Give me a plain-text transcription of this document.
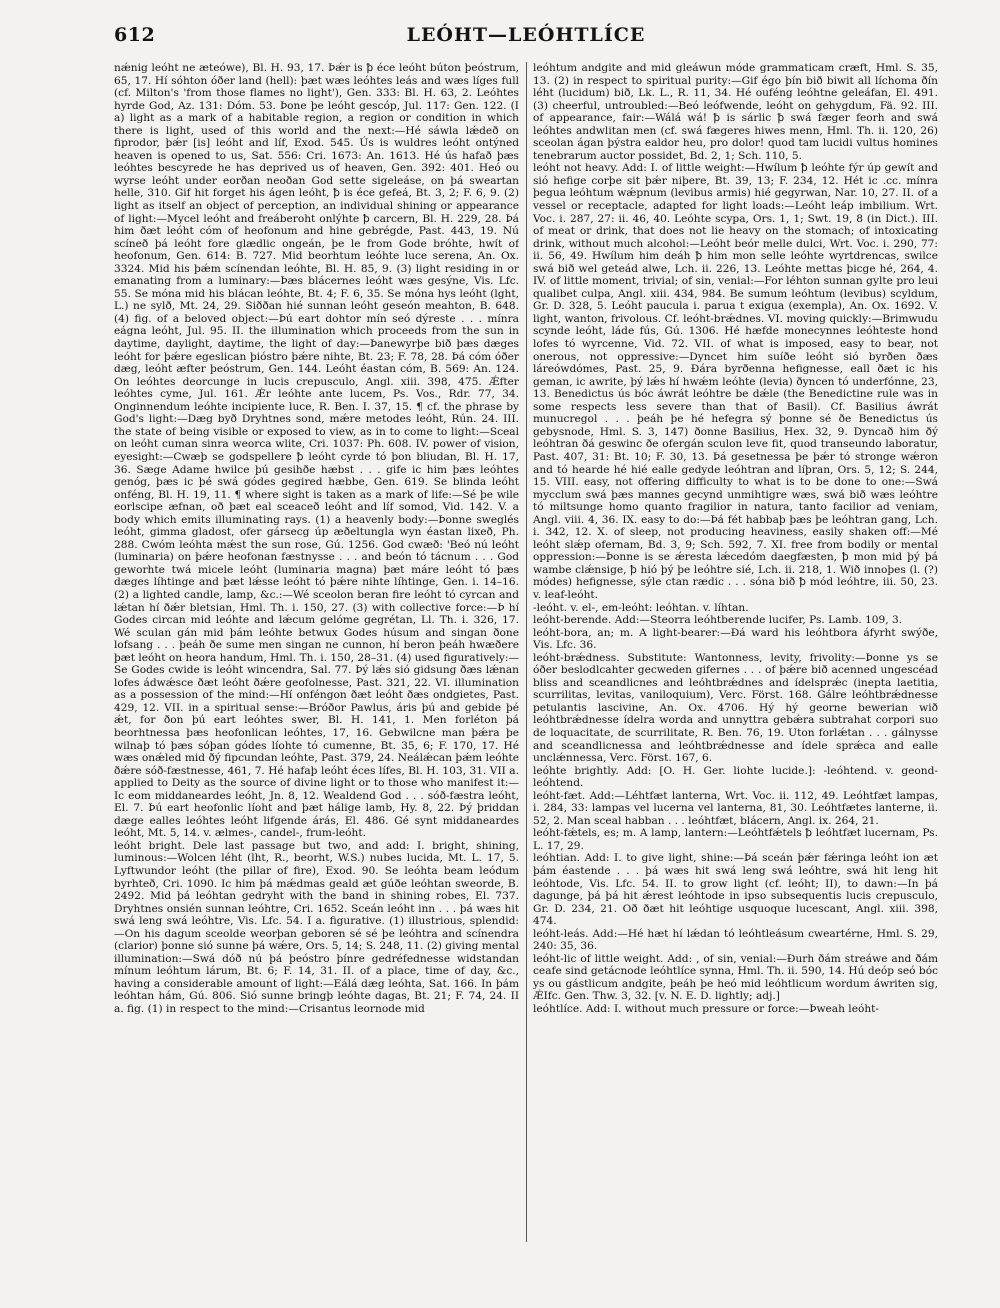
612	LEÓHT—LEÓHTLÍCE

nǽnig leóht ne æteówe), Bl. H. 93, 17. Þǽr is ꝥ éce leóht búton þeóstrum, 65, 17. Hí sóhton óðer land (hell): þæt wæs leóhtes leás and wæs líges full (cf. Milton's 'from those flames no light'), Gen. 333: Bl. H. 63, 2. Leóhtes hyrde God, Az. 131: Dóm. 53. Þone þe leóht gescóp, Jul. 117: Gen. 122. (I a) light as a mark of a habitable region, a region or condition in which there is light, used of this world and the next:—Hé sáwla lǽdeð on fiprodor, þǽr [is] leóht and líf, Exod. 545. Ús is wuldres leóht ontýned heaven is opened to us, Sat. 556: Cri. 1673: An. 1613. Hé ús hafað þæs leóhtes bescyrede he has deprived us of heaven, Gen. 392: 401. Heó ou wyrse leóht under eorðan neoðan God sette sigeleáse, on þá sweartan helle, 310. Gif hit forget his ágen leóht, ꝥ is éce gefeá, Bt. 3, 2; F. 6, 9. (2) light as itself an object of perception, an individual shining or appearance of light:—Mycel leóht and freáberoht onlýhte ꝥ carcern, Bl. H. 229, 28. Þá him ðæt leóht cóm of heofonum and hine gebrégde, Past. 443, 19. Nú scíneð þá leóht fore glædlic ongeán, þe le from Gode bróhte, hwít of heofonum, Gen. 614: B. 727. Mid beorhtum leóhte luce serena, An. Ox. 3324. Mid his þǽm scínendan leóhte, Bl. H. 85, 9. (3) light residing in or emanating from a luminary:—Þæs blácernes leóht wæs gesýne, Vis. Lfc. 55. Se móna mid his blácan leóhte, Bt. 4; F. 6, 35. Se móna hys leóht (lght, L.) ne sylð, Mt. 24, 29. Siððan hié sunnan leóht geseón meahton, B. 648. (4) fig. of a beloved object:—Þú eart dohtor mín seó dýreste . . . mínra eágna leóht, Jul. 95. II. the illumination which proceeds from the sun in daytime, daylight, daytime, the light of day:—Þanewyrþe bið þæs dæges leóht for þǽre egeslican þióstro þǽre nihte, Bt. 23; F. 78, 28. Þá cóm óðer dæg, leóht æfter þeóstrum, Gen. 144. Leóht éastan cóm, B. 569: An. 124. On leóhtes deorcunge in lucis crepusculo, Angl. xiii. 398, 475. Ǽfter leóhtes cyme, Jul. 161. Ǽr leóhte ante lucem, Ps. Vos., Rdr. 77, 34. Onginnendum leóhte incipiente luce, R. Ben. I. 37, 15. ¶ cf. the phrase by God's light:—Dæg byð Dryhtnes sond, mǽre metodes leóht, Rún. 24. III. the state of being visible or exposed to view, as in to come to light:—Sceal on leóht cuman sinra weorca wlite, Cri. 1037: Ph. 608. IV. power of vision, eyesight:—Cwæþ se godspellere ꝥ leóht cyrde tó þon bliudan, Bl. H. 17, 36. Sæge Adame hwilce þú gesihðe hæbst . . . gife ic him þæs leóhtes genóg, þæs ic þé swá gódes gegired hæbbe, Gen. 619. Se blinda leóht onféng, Bl. H. 19, 11. ¶ where sight is taken as a mark of life:—Sé þe wile eorlscipe æfnan, oð þæt eal sceaceð leóht and líf somod, Vid. 142. V. a body which emits illuminating rays. (1) a heavenly body:—Þonne sweglés leóht, gimma gladost, ofer gársecg úp æðeltungla wyn éastan lixeð, Ph. 288. Cwóm leóhta mǽst the sun rose, Gú. 1256. God cwæð: 'Beó nú leóht (luminaria) on þǽre heofonan fæstnysse . . . and beón tó tácnum . . . God geworhte twá micele leóht (luminaria magna) þæt máre leóht tó þæs dæges líhtinge and þæt lǽsse leóht tó þǽre nihte líhtinge, Gen. i. 14–16. (2) a lighted candle, lamp, &c.:—Wé sceolon beran fire leóht tó cyrcan and lǽtan hí ðǽr bletsian, Hml. Th. i. 150, 27. (3) with collective force:—Þ hí Godes circan mid leóhte and lǽcum gelóme gegrétan, Ll. Th. i. 326, 17. Wé sculan gán mid þám leóhte betwux Godes húsum and singan ðone lofsang . . . þeáh ðe sume men singan ne cunnon, hí beron þeáh hwæðere þæt leóht on heora handum, Hml. Th. i. 150, 28–31. (4) used figuratively:—Se Godes cwide is leóht wincendra, Sal. 77. Þý lǽs sió gidsung ðæs lǽnan lofes ádwǽsce ðæt leóht ðǽre geofolnesse, Past. 321, 22. VI. illumination as a possession of the mind:—Hí onféngon ðæt leóht ðæs ondgietes, Past. 429, 12. VII. in a spiritual sense:—Bróðor Pawlus, áris þú and gebide þé ǽt, for ðon þú eart leóhtes swer, Bl. H. 141, 1. Men forléton þá beorhtnessa þæs heofonlican leóhtes, 17, 16. Gebwilcne man þǽra þe wilnaþ tó þæs sóþan gódes líohte tó cumenne, Bt. 35, 6; F. 170, 17. Hé wæs onǽled mid ðý fipcundan leóhte, Past. 379, 24. Neálǽcan þǽm leóhte ðǽre sóð-fæstnesse, 461, 7. Hé hafaþ leóht éces lífes, Bl. H. 103, 31. VII a. applied to Deity as the source of divine light or to those who manifest it:—Ic eom middaneardes leóht, Jn. 8, 12. Wealdend God . . . sóð-fæstra leóht, El. 7. Þú eart heofonlic líoht and þæt hálige lamb, Hy. 8, 22. Þý þriddan dæge ealles leóhtes leóht lifgende árás, El. 486. Gé synt middaneardes leóht, Mt. 5, 14. v. ælmes-, candel-, frum-leóht.

leóht bright. Dele last passage but two, and add: I. bright, shining, luminous:—Wolcen léht (lht, R., beorht, W.S.) nubes lucida, Mt. L. 17, 5. Lyftwundor leóht (the pillar of fire), Exod. 90. Se leóhta beam leódum byrhteð, Cri. 1090. Ic him þá mǽdmas geald æt gúðe leóhtan sweorde, B. 2492. Mid þá leóhtan gedryht with the band in shining robes, El. 737. Dryhtnes onsién sunnan leóhtre, Cri. 1652. Sceán leóht inn . . . þá wæs hit swá leng swá leóhtre, Vis. Lfc. 54. I a. figurative. (1) illustrious, splendid:—On his dagum sceolde weorþan geboren sé sé þe leóhtra and scínendra (clarior) þonne sió sunne þá wǽre, Ors. 5, 14; S. 248, 11. (2) giving mental illumination:—Swá dóð nú þá þeóstro þínre gedréfednesse widstandan mínum leóhtum lárum, Bt. 6; F. 14, 31. II. of a place, time of day, &c., having a considerable amount of light:—Eálá dæg leóhta, Sat. 166. In þám leóhtan hám, Gú. 806. Sió sunne bringþ leóhte dagas, Bt. 21; F. 74, 24. II a. fig. (1) in respect to the mind:—Crisantus leornode mid

leóhtum andgite and mid gleáwun móde grammaticam cræft, Hml. S. 35, 13. (2) in respect to spiritual purity:—Gif égo þín bið biwit all líchoma ðín léht (lucidum) bið, Lk. L., R. 11, 34. Hé ouféng leóhtne geleáfan, El. 491. (3) cheerful, untroubled:—Beó leófwende, leóht on gehygdum, Fä. 92. III. of appearance, fair:—Wálá wá! ꝥ is sárlic ꝥ swá fæger feorh and swá leóhtes andwlitan men (cf. swá fægeres hiwes menn, Hml. Th. ii. 120, 26) sceolan ágan þýstra ealdor heu, pro dolor! quod tam lucidi vultus homines tenebrarum auctor possidet, Bd. 2, 1; Sch. 110, 5.

leóht not heavy. Add: I. of little weight:—Hwílum ꝥ leóhte fýr úp gewít and sió hefige corþe sit þǽr niþere, Bt. 39, 13; F. 234, 12. Hét ic .cc. mínra þegua leóhtum wǽpnum (levibus armis) hié gegyrwan, Nar. 10, 27. II. of a vessel or receptacle, adapted for light loads:—Leóht leáp imbilium. Wrt. Voc. i. 287, 27: ii. 46, 40. Leóhte scypa, Ors. 1, 1; Swt. 19, 8 (in Dict.). III. of meat or drink, that does not lie heavy on the stomach; of intoxicating drink, without much alcohol:—Leóht beór melle dulci, Wrt. Voc. i. 290, 77: ii. 56, 49. Hwílum him deáh ꝥ him mon selle leóhte wyrtdrencas, swilce swá bið wel geteád alwe, Lch. ii. 226, 13. Leóhte mettas þicge hé, 264, 4. IV. of little moment, trivial; of sin, venial:—For léhton sunnan gylte pro leui qualibet culpa, Angl. xiii. 434, 984. Be sumum leóhtum (levibus) scyldum, Gr. D. 328, 5. Leóht paucula i. parua t exigua (exempla), An. Ox. 1692. V. light, wanton, frivolous. Cf. leóht-brǽdnes. VI. moving quickly:—Brimwudu scynde leóht, láde fús, Gú. 1306. Hé hæfde monecynnes leóhteste hond lofes tó wyrcenne, Vid. 72. VII. of what is imposed, easy to bear, not onerous, not oppressive:—Dyncet him suíðe leóht sió byrðen ðæs láreówdómes, Past. 25, 9. Ðára byrðenna hefignesse, eall ðæt ic his geman, ic awrite, þý lǽs hí hwǽm leóhte (levia) ðyncen tó underfónne, 23, 13. Benedictus ús bóc áwrát leóhtre be dǽle (the Benedictine rule was in some respects less severe than that of Basil). Cf. Basilius áwrát munucregol . . . þeáh þe hé hefegra sý þonne sé ðe Benedictus ús gebysnode, Hml. S. 3, 147) ðonne Basilius, Hex. 32, 9. Dyncað him ðý leóhtran ðá geswinc ðe ofergán sculon leve fit, quod transeundo laboratur, Past. 407, 31: Bt. 10; F. 30, 13. Þá gesetnessa þe þǽr tó stronge wǽron and tó hearde hé hié ealle gedyde leóhtran and líþran, Ors. 5, 12; S. 244, 15. VIII. easy, not offering difficulty to what is to be done to one:—Swá mycclum swá þæs mannes gecynd unmihtigre wæs, swá bið wæs leóhtre tó miltsunge homo quanto fragilior in natura, tanto facilior ad veniam, Angl. viii. 4, 36. IX. easy to do:—Þá fét habbaþ þæs þe leóhtran gang, Lch. i. 342, 12. X. of sleep, not producing heaviness, easily shaken off:—Mé leóht slǽp ofernam, Bd. 3, 9; Sch. 592, 7. XI. free from bodily or mental oppression:—Þonne is se ǽresta lǽcedóm daegfæsten, ꝥ mon mid þý þá wambe clǽnsige, ꝥ hió þý þe leóhtre sié, Lch. ii. 218, 1. Wið innoþes (l. (?) módes) hefignesse, sýle ctan rædic . . . sóna bið ꝥ mód leóhtre, iii. 50, 23. v. leaf-leóht.

-leóht. v. el-, em-leóht: leóhtan. v. líhtan.

leóht-berende. Add:—Steorra leóhtberende lucifer, Ps. Lamb. 109, 3.

leóht-bora, an; m. A light-bearer:—Ðá ward his leóhtbora áfyrht swýðe, Vis. Lfc. 36.

leóht-brǽdness. Substitute: Wantonness, levity, frivolity:—Þonne ys se óðer beslodlcahter gecweden gifernes . . . of þǽre bið acenned ungescéad bliss and sceandlicnes and leóhtbrǽdnes and ídelsprǽc (inepta laetitia, scurrilitas, levitas, vaniloquium), Verc. Först. 168. Gálre leóhtbrǽdnesse petulantis lascivine, An. Ox. 4706. Hý hý georne bewerian wið leóhtbrǽdnesse ídelra worda and unnyttra gebǽra subtrahat corpori suo de loquacitate, de scurrilitate, R. Ben. 76, 19. Uton forlǽtan . . . gálnysse and sceandlicnessa and leóhtbrǽdnesse and ídele sprǽca and ealle unclǽnnessa, Verc. Först. 167, 6.

leóhte brightly. Add: [O. H. Ger. liohte lucide.]: -leóhtend. v. geond-leóhtend.

leóht-fæt. Add:—Léhtfæt lanterna, Wrt. Voc. ii. 112, 49. Leóhtfæt lampas, i. 284, 33: lampas vel lucerna vel lanterna, 81, 30. Leóhtfætes lanterne, ii. 52, 2. Man sceal habban . . . leóhtfæt, blácern, Angl. ix. 264, 21.

leóht-fǽtels, es; m. A lamp, lantern:—Leóhtfǽtels ꝥ leóhtfæt lucernam, Ps. L. 17, 29.

leóhtian. Add: I. to give light, shine:—Þá sceán þǽr fǽringa leóht ion æt þám éastende . . . þá wæs hit swá leng swá leóhtre, swá hit leng hit leóhtode, Vis. Lfc. 54. II. to grow light (cf. leóht; II), to dawn:—In þá dagunge, þá þá hit ǽrest leóhtode in ipso subsequentis lucis crepusculo, Gr. D. 234, 21. Oð ðæt hit leóhtige usquoque lucescant, Angl. xiii. 398, 474.

leóht-leás. Add:—Hé hæt hí lǽdan tó leóhtleásum cweartérne, Hml. S. 29, 240: 35, 36.

leóht-lic of little weight. Add: , of sin, venial:—Ðurh ðám streáwe and ðám ceafe sind getácnode leóhtlíce synna, Hml. Th. ii. 590, 14. Hú deóp seó bóc ys ou gástlicum andgite, þeáh þe heó mid leóhtlicum wordum áwriten sig, ǼIfc. Gen. Thw. 3, 32. [v. N. E. D. lightly; adj.]

leóhtlíce. Add: I. without much pressure or force:—Þweah leóht-
